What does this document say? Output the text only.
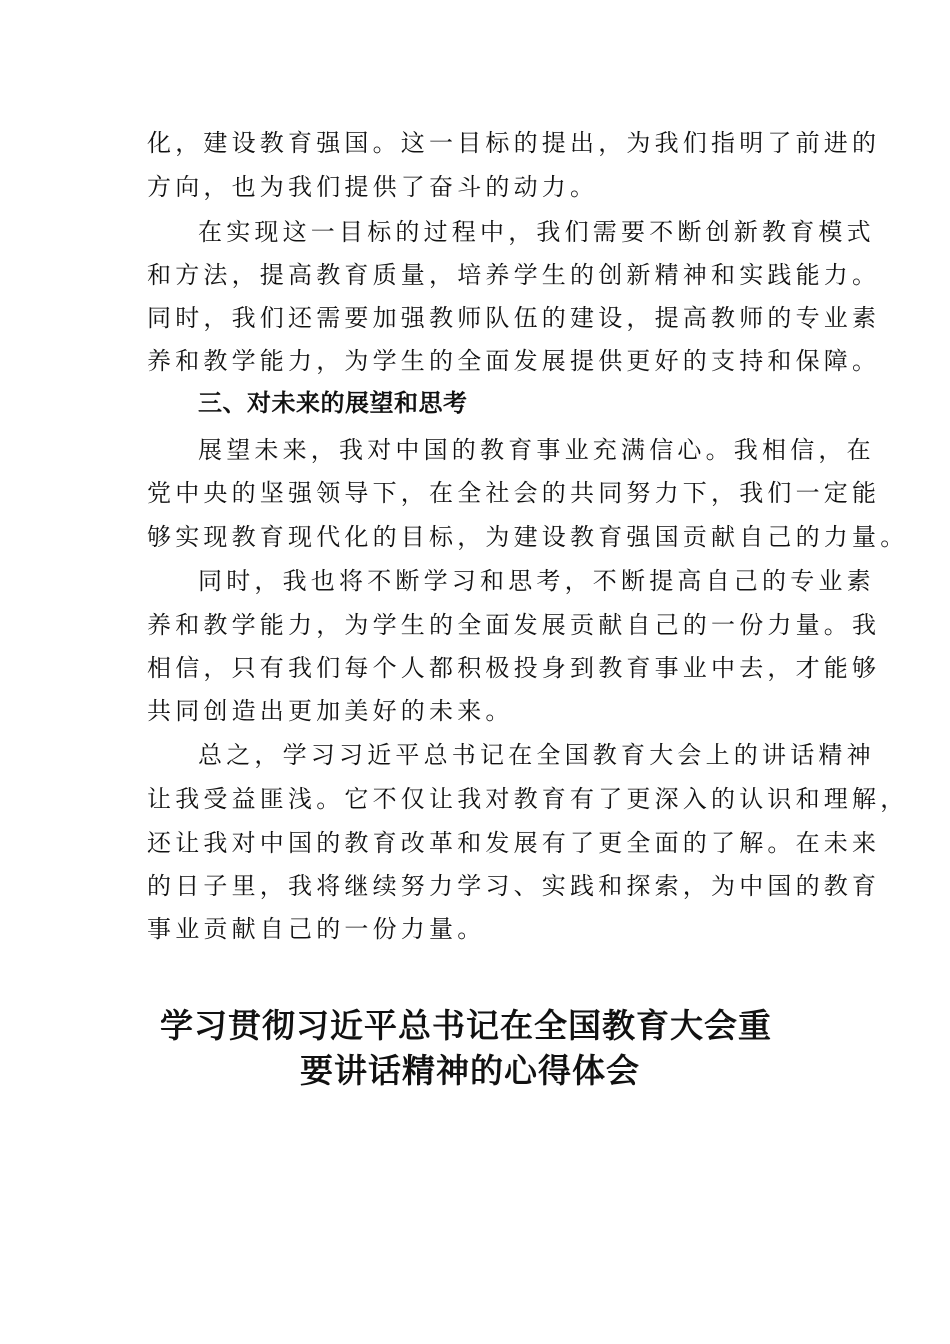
化，建设教育强国。这一目标的提出，为我们指明了前进的
方向，也为我们提供了奋斗的动力。
在实现这一目标的过程中，我们需要不断创新教育模式
和方法，提高教育质量，培养学生的创新精神和实践能力。
同时，我们还需要加强教师队伍的建设，提高教师的专业素
养和教学能力，为学生的全面发展提供更好的支持和保障。
三、对未来的展望和思考
展望未来，我对中国的教育事业充满信心。我相信，在
党中央的坚强领导下，在全社会的共同努力下，我们一定能
够实现教育现代化的目标，为建设教育强国贡献自己的力量。
同时，我也将不断学习和思考，不断提高自己的专业素
养和教学能力，为学生的全面发展贡献自己的一份力量。我
相信，只有我们每个人都积极投身到教育事业中去，才能够
共同创造出更加美好的未来。
总之，学习习近平总书记在全国教育大会上的讲话精神
让我受益匪浅。它不仅让我对教育有了更深入的认识和理解，
还让我对中国的教育改革和发展有了更全面的了解。在未来
的日子里，我将继续努力学习、实践和探索，为中国的教育
事业贡献自己的一份力量。
学习贯彻习近平总书记在全国教育大会重
要讲话精神的心得体会
